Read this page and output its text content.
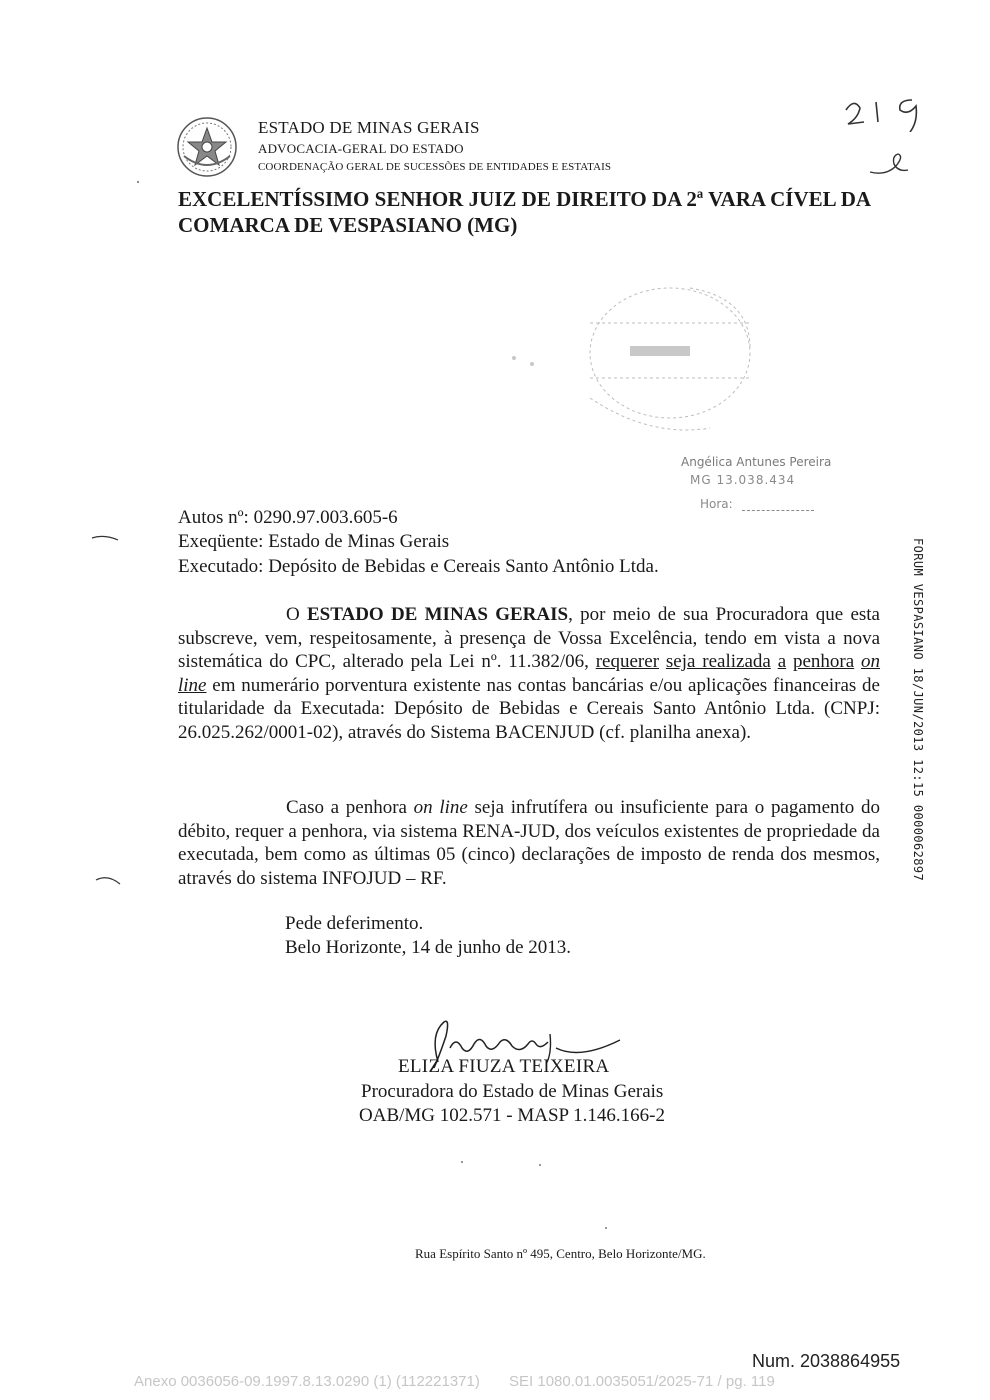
ESTADO DE MINAS GERAIS
ADVOCACIA-GERAL DO ESTADO
COORDENAÇÃO GERAL DE SUCESSÕES DE ENTIDADES E ESTATAIS
EXCELENTÍSSIMO SENHOR JUIZ DE DIREITO DA 2ª VARA CÍVEL DA
COMARCA DE VESPASIANO (MG)
Angélica Antunes Pereira
MG 13.038.434
Hora:
Autos nº: 0290.97.003.605-6
Exeqüente: Estado de Minas Gerais
Executado: Depósito de Bebidas e Cereais Santo Antônio Ltda.

O ESTADO DE MINAS GERAIS, por meio de sua Procuradora que esta subscreve, vem, respeitosamente, à presença de Vossa Excelência, tendo em vista a nova sistemática do CPC, alterado pela Lei nº. 11.382/06, requerer seja realizada a penhora on line em numerário porventura existente nas contas bancárias e/ou aplicações financeiras de titularidade da Executada: Depósito de Bebidas e Cereais Santo Antônio Ltda. (CNPJ: 26.025.262/0001-02), através do Sistema BACENJUD (cf. planilha anexa).

Caso a penhora on line seja infrutífera ou insuficiente para o pagamento do débito, requer a penhora, via sistema RENA-JUD, dos veículos existentes de propriedade da executada, bem como as últimas 05 (cinco) declarações de imposto de renda dos mesmos, através do sistema INFOJUD – RF.

Pede deferimento.
Belo Horizonte, 14 de junho de 2013.
ELIZA FIUZA TEIXEIRA
Procuradora do Estado de Minas Gerais
OAB/MG 102.571 - MASP 1.146.166-2
Rua Espírito Santo nº 495, Centro, Belo Horizonte/MG.
FORUM VESPASIANO 18/JUN/2013 12:15 0000062897
Num. 2038864955
Anexo 0036056-09.1997.8.13.0290 (1) (112221371)       SEI 1080.01.0035051/2025-71 / pg. 119
